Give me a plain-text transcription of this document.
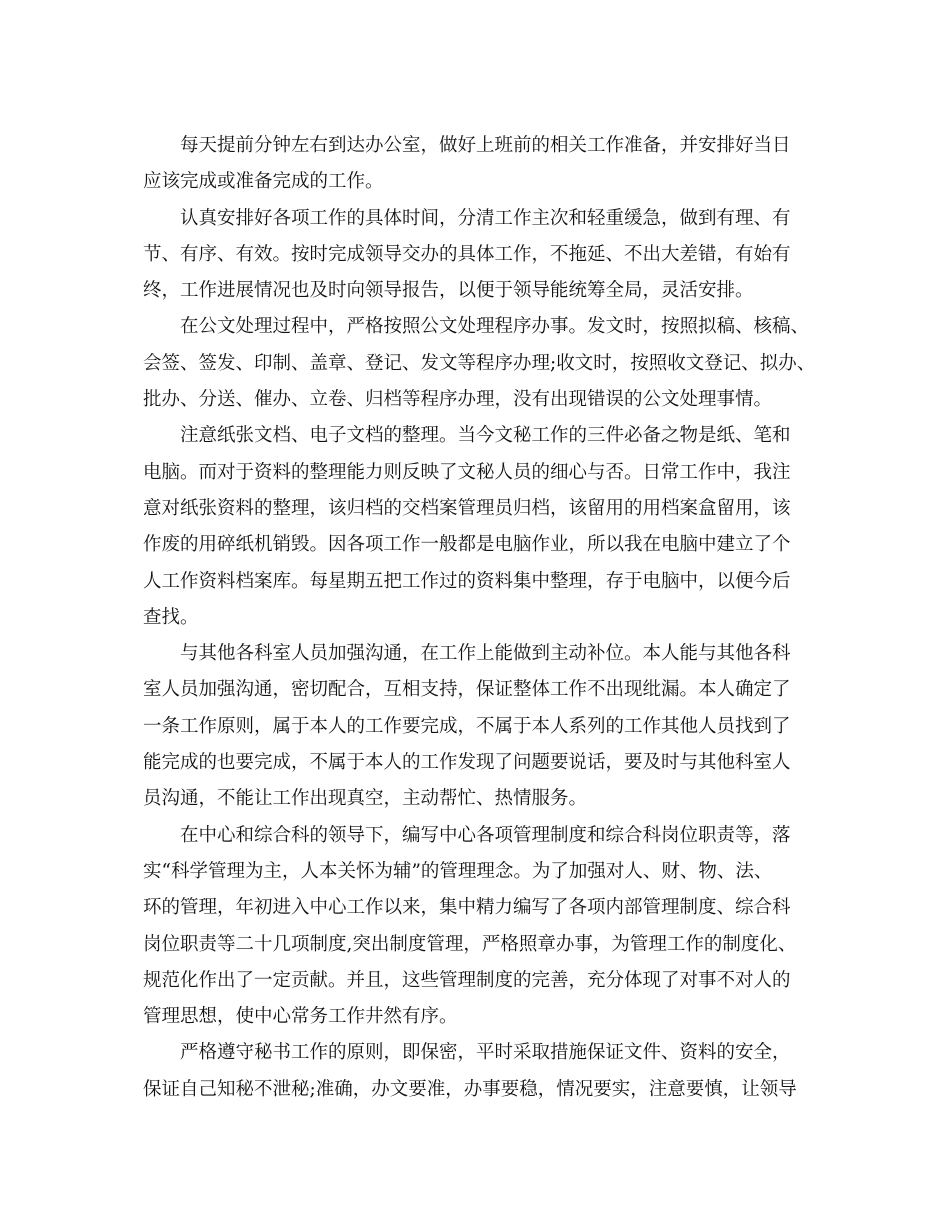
每天提前分钟左右到达办公室，做好上班前的相关工作准备，并安排好当日
应该完成或准备完成的工作。
认真安排好各项工作的具体时间，分清工作主次和轻重缓急，做到有理、有
节、有序、有效。按时完成领导交办的具体工作，不拖延、不出大差错，有始有
终，工作进展情况也及时向领导报告，以便于领导能统筹全局，灵活安排。
在公文处理过程中，严格按照公文处理程序办事。发文时，按照拟稿、核稿、
会签、签发、印制、盖章、登记、发文等程序办理;收文时，按照收文登记、拟办、
批办、分送、催办、立卷、归档等程序办理，没有出现错误的公文处理事情。
注意纸张文档、电子文档的整理。当今文秘工作的三件必备之物是纸、笔和
电脑。而对于资料的整理能力则反映了文秘人员的细心与否。日常工作中，我注
意对纸张资料的整理，该归档的交档案管理员归档，该留用的用档案盒留用，该
作废的用碎纸机销毁。因各项工作一般都是电脑作业，所以我在电脑中建立了个
人工作资料档案库。每星期五把工作过的资料集中整理，存于电脑中，以便今后
查找。
与其他各科室人员加强沟通，在工作上能做到主动补位。本人能与其他各科
室人员加强沟通，密切配合，互相支持，保证整体工作不出现纰漏。本人确定了
一条工作原则，属于本人的工作要完成，不属于本人系列的工作其他人员找到了
能完成的也要完成，不属于本人的工作发现了问题要说话，要及时与其他科室人
员沟通，不能让工作出现真空，主动帮忙、热情服务。
在中心和综合科的领导下，编写中心各项管理制度和综合科岗位职责等，落
实“科学管理为主，人本关怀为辅”的管理理念。为了加强对人、财、物、法、
环的管理，年初进入中心工作以来，集中精力编写了各项内部管理制度、综合科
岗位职责等二十几项制度,突出制度管理，严格照章办事，为管理工作的制度化、
规范化作出了一定贡献。并且，这些管理制度的完善，充分体现了对事不对人的
管理思想，使中心常务工作井然有序。
严格遵守秘书工作的原则，即保密，平时采取措施保证文件、资料的安全，
保证自己知秘不泄秘;准确，办文要准，办事要稳，情况要实，注意要慎，让领导
